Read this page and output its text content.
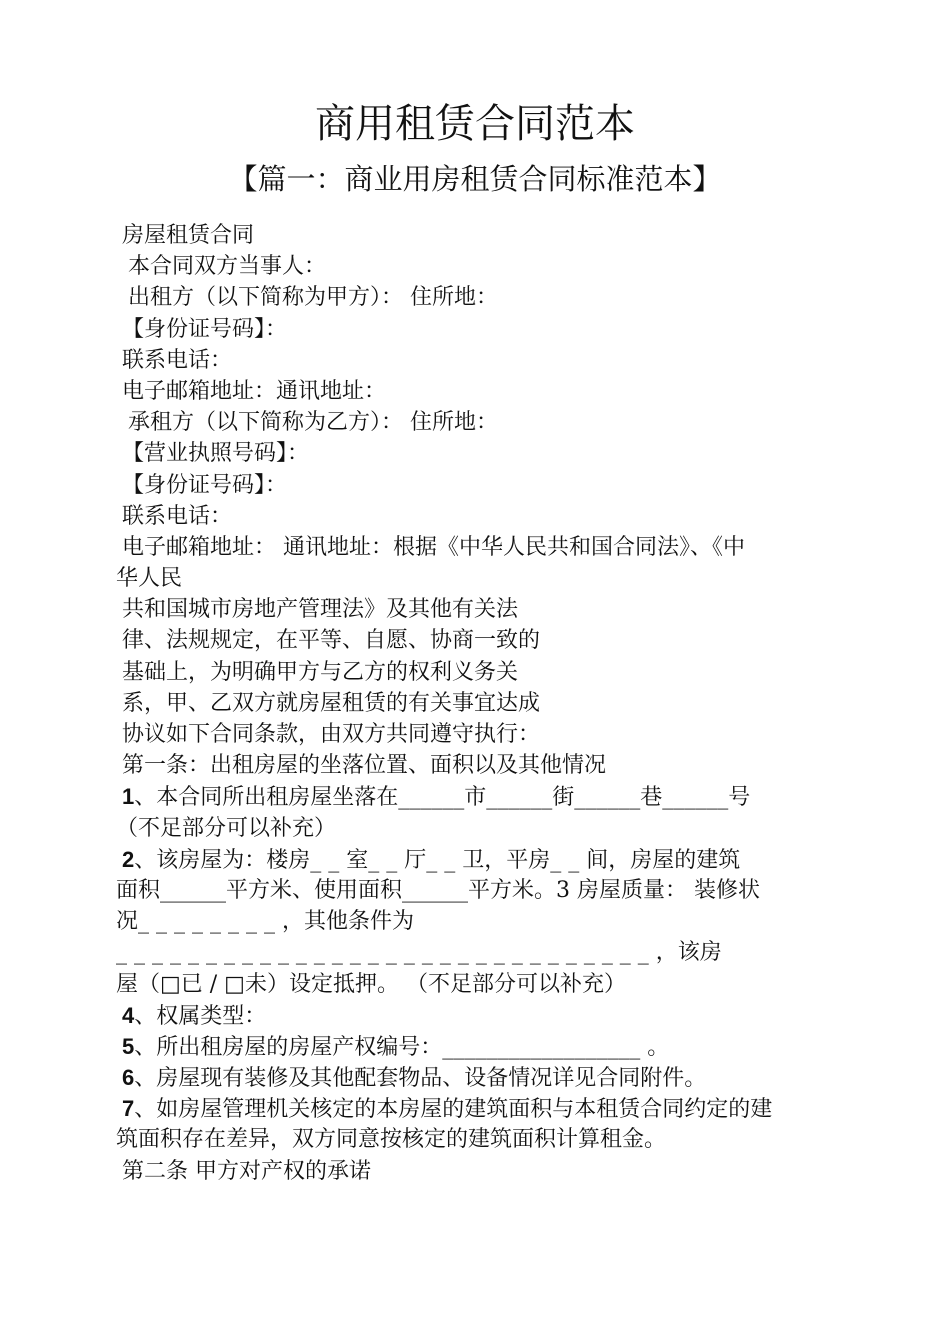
商用租赁合同范本
【篇一：商业用房租赁合同标准范本】
房屋租赁合同
本合同双方当事人：
出租方（以下简称为甲方）： 住所地：
【身份证号码】：
联系电话：
电子邮箱地址：通讯地址：
承租方（以下简称为乙方）： 住所地：
【营业执照号码】：
【身份证号码】：
联系电话：
电子邮箱地址： 通讯地址：根据《中华人民共和国合同法》、《中
华人民
共和国城市房地产管理法》及其他有关法
律、法规规定，在平等、自愿、协商一致的
基础上，为明确甲方与乙方的权利义务关
系，甲、乙双方就房屋租赁的有关事宜达成
协议如下合同条款，由双方共同遵守执行：
第一条：出租房屋的坐落位置、面积以及其他情况
1、本合同所出租房屋坐落在______市______街______巷______号
（不足部分可以补充）
2、该房屋为：楼房_ _ 室_ _ 厅_ _ 卫，平房_ _ 间，房屋的建筑
面积______平方米、使用面积______平方米。3 房屋质量： 装修状
况_ _ _ _ _ _ _ _ ，其他条件为
_ _ _ _ _ _ _ _ _ _ _ _ _ _ _ _ _ _ _ _ _ _ _ _ _ _ _ _ _ _ ，该房
屋（□已 / □未）设定抵押。 （不足部分可以补充）
4、权属类型：
5、所出租房屋的房屋产权编号：__________________ 。
6、房屋现有装修及其他配套物品、设备情况详见合同附件。
7、如房屋管理机关核定的本房屋的建筑面积与本租赁合同约定的建
筑面积存在差异，双方同意按核定的建筑面积计算租金。
第二条 甲方对产权的承诺
